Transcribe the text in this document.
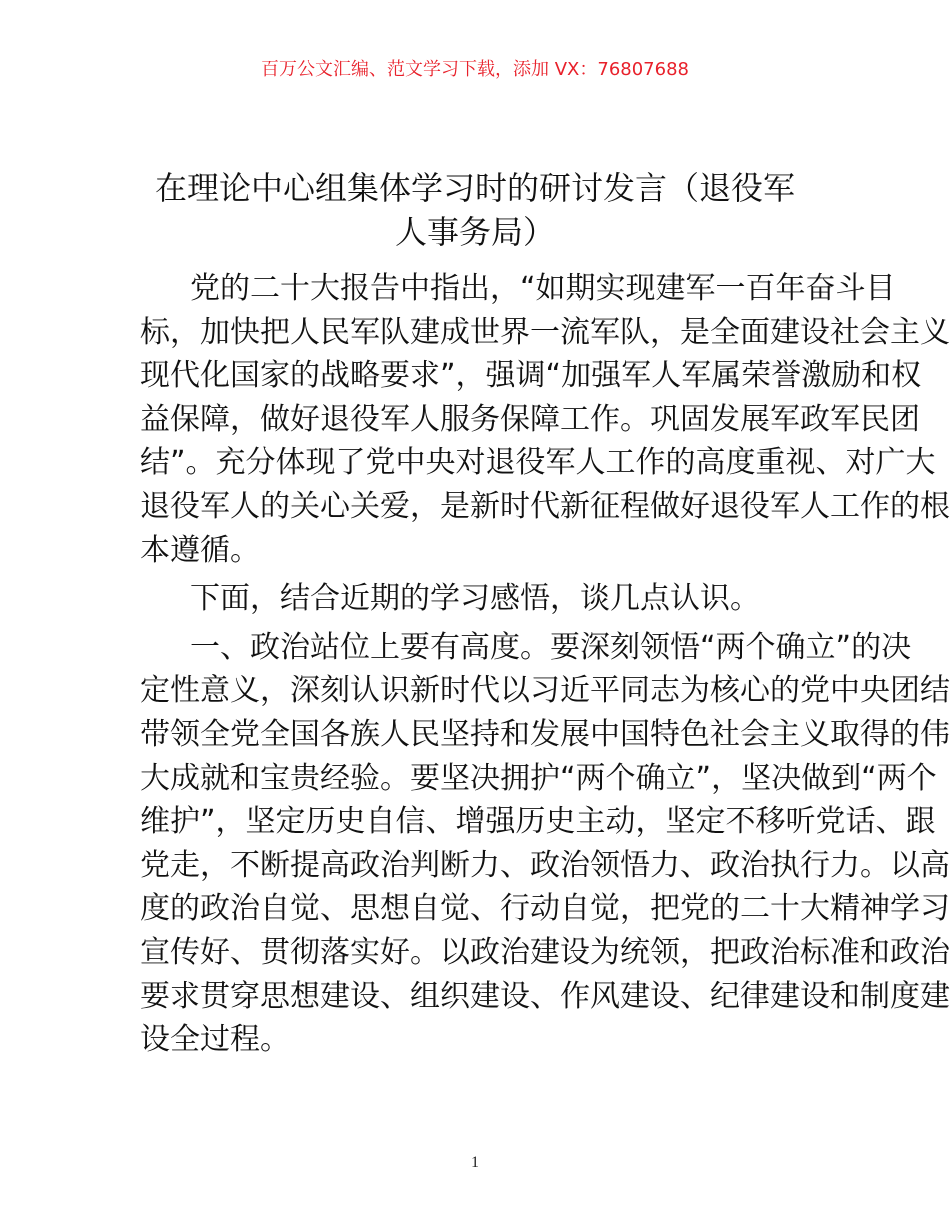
百万公文汇编、范文学习下载，添加 VX：76807688
在理论中心组集体学习时的研讨发言（退役军
人事务局）
党的二十大报告中指出，“如期实现建军一百年奋斗目
标，加快把人民军队建成世界一流军队，是全面建设社会主义
现代化国家的战略要求”，强调“加强军人军属荣誉激励和权
益保障，做好退役军人服务保障工作。巩固发展军政军民团
结”。充分体现了党中央对退役军人工作的高度重视、对广大
退役军人的关心关爱，是新时代新征程做好退役军人工作的根
本遵循。
下面，结合近期的学习感悟，谈几点认识。
一、政治站位上要有高度。要深刻领悟“两个确立”的决
定性意义，深刻认识新时代以习近平同志为核心的党中央团结
带领全党全国各族人民坚持和发展中国特色社会主义取得的伟
大成就和宝贵经验。要坚决拥护“两个确立”，坚决做到“两个
维护”，坚定历史自信、增强历史主动，坚定不移听党话、跟
党走，不断提高政治判断力、政治领悟力、政治执行力。以高
度的政治自觉、思想自觉、行动自觉，把党的二十大精神学习
宣传好、贯彻落实好。以政治建设为统领，把政治标准和政治
要求贯穿思想建设、组织建设、作风建设、纪律建设和制度建
设全过程。
1
